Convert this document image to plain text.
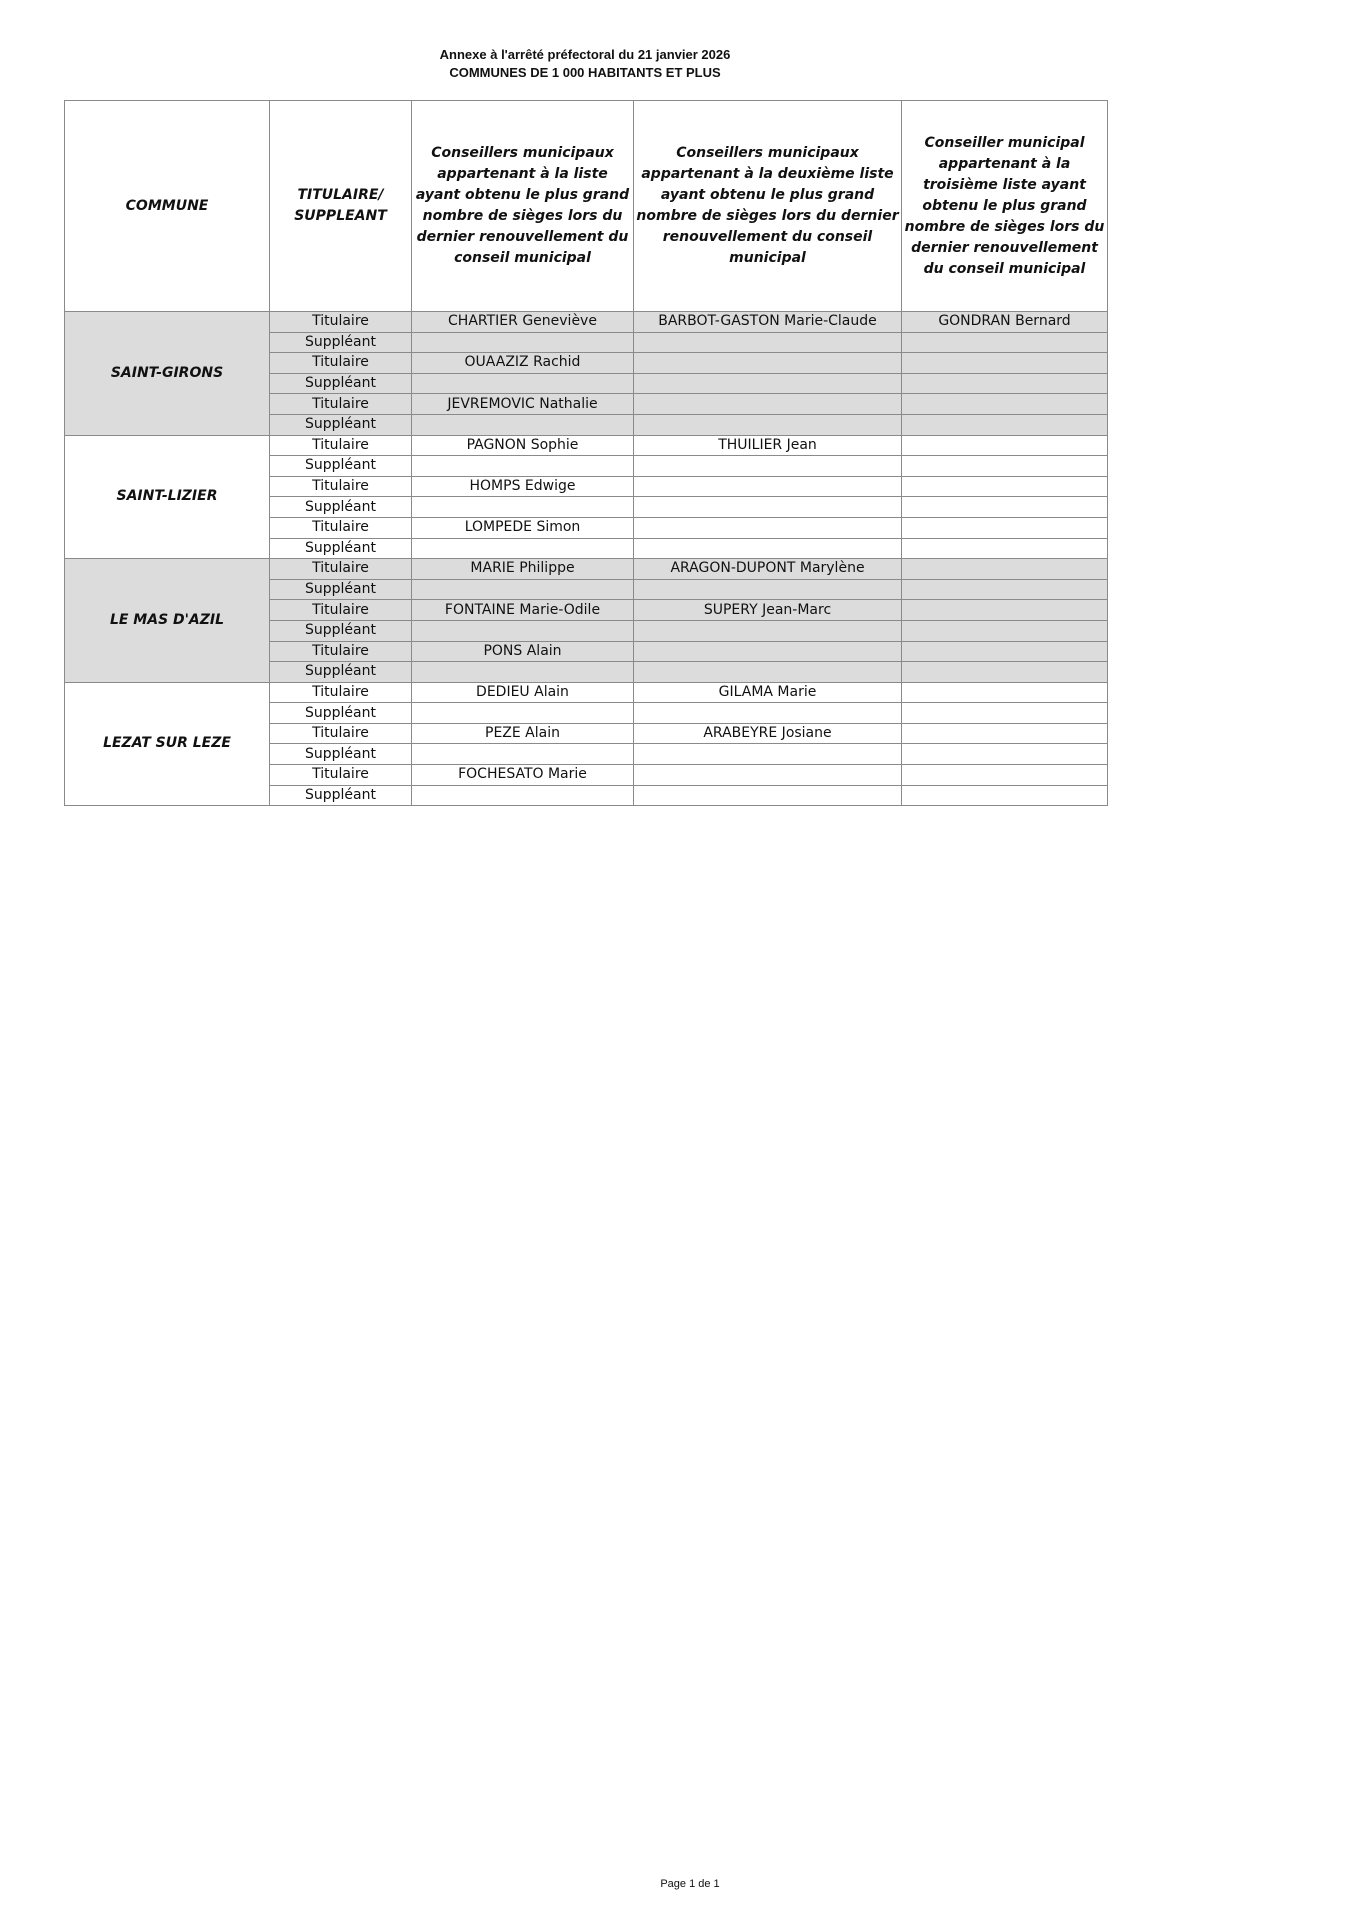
Annexe à l'arrêté préfectoral du 21 janvier 2026
COMMUNES DE 1 000 HABITANTS ET PLUS
COMMUNE	TITULAIRE/ SUPPLEANT	Conseillers municipaux appartenant à la liste ayant obtenu le plus grand nombre de sièges lors du dernier renouvellement du conseil municipal	Conseillers municipaux appartenant à la deuxième liste ayant obtenu le plus grand nombre de sièges lors du dernier renouvellement du conseil municipal	Conseiller municipal appartenant à la troisième liste ayant obtenu le plus grand nombre de sièges lors du dernier renouvellement du conseil municipal

SAINT-GIRONS	Titulaire	CHARTIER Geneviève	BARBOT-GASTON Marie-Claude	GONDRAN Bernard
	Suppléant			
	Titulaire	OUAAZIZ Rachid		
	Suppléant			
	Titulaire	JEVREMOVIC Nathalie		
	Suppléant			
SAINT-LIZIER	Titulaire	PAGNON Sophie	THUILIER Jean	
	Suppléant			
	Titulaire	HOMPS Edwige		
	Suppléant			
	Titulaire	LOMPEDE Simon		
	Suppléant			
LE MAS D'AZIL	Titulaire	MARIE Philippe	ARAGON-DUPONT Marylène	
	Suppléant			
	Titulaire	FONTAINE Marie-Odile	SUPERY Jean-Marc	
	Suppléant			
	Titulaire	PONS Alain		
	Suppléant			
LEZAT SUR LEZE	Titulaire	DEDIEU Alain	GILAMA Marie	
	Suppléant			
	Titulaire	PEZE Alain	ARABEYRE Josiane	
	Suppléant			
	Titulaire	FOCHESATO Marie		
	Suppléant			
Page 1 de 1
